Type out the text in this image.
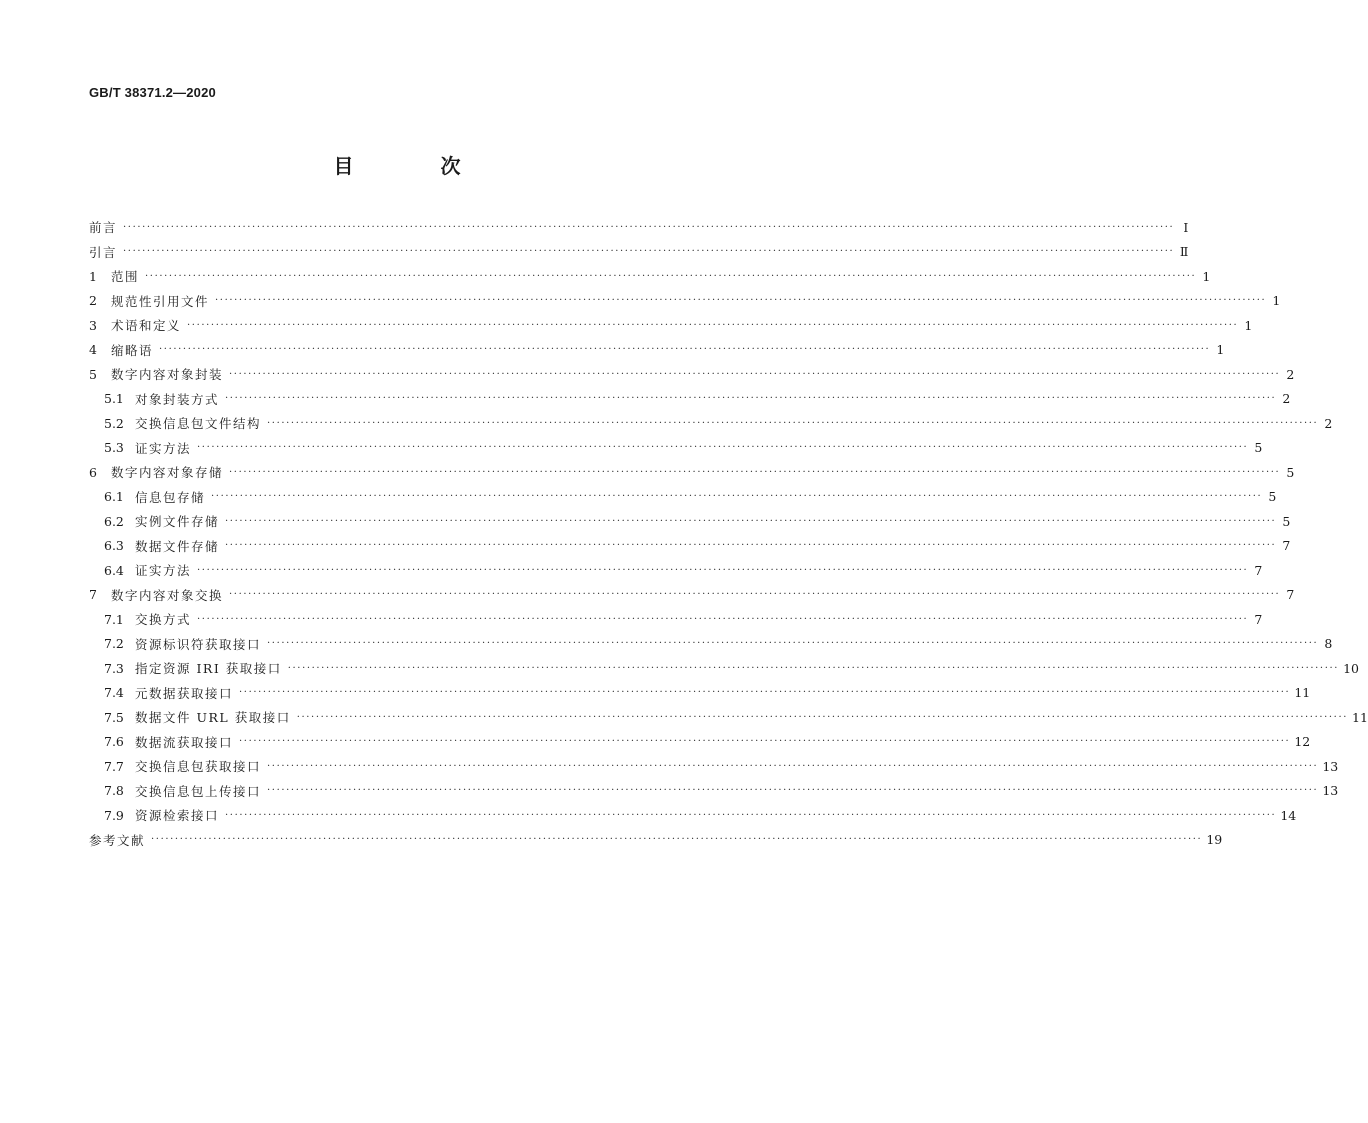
GB/T 38371.2—2020
目 次
前言 ···························································································································································································································· Ⅰ
引言 ···························································································································································································································· Ⅱ
1	范围 ···························································································································································································································· 1
2	规范性引用文件 ···························································································································································································································· 1
3	术语和定义 ···························································································································································································································· 1
4	缩略语 ···························································································································································································································· 1
5	数字内容对象封装 ···························································································································································································································· 2
5.1 对象封装方式 ···························································································································································································································· 2
5.2 交换信息包文件结构 ···························································································································································································································· 2
5.3 证实方法 ···························································································································································································································· 5
6	数字内容对象存储 ···························································································································································································································· 5
6.1 信息包存储 ···························································································································································································································· 5
6.2 实例文件存储 ···························································································································································································································· 5
6.3 数据文件存储 ···························································································································································································································· 7
6.4 证实方法 ···························································································································································································································· 7
7	数字内容对象交换 ···························································································································································································································· 7
7.1 交换方式 ···························································································································································································································· 7
7.2 资源标识符获取接口 ···························································································································································································································· 8
7.3 指定资源 IRI 获取接口 ···························································································································································································································· 10
7.4 元数据获取接口 ···························································································································································································································· 11
7.5 数据文件 URL 获取接口 ···························································································································································································································· 11
7.6 数据流获取接口 ···························································································································································································································· 12
7.7 交换信息包获取接口 ···························································································································································································································· 13
7.8 交换信息包上传接口 ···························································································································································································································· 13
7.9 资源检索接口 ···························································································································································································································· 14
参考文献 ···························································································································································································································· 19
